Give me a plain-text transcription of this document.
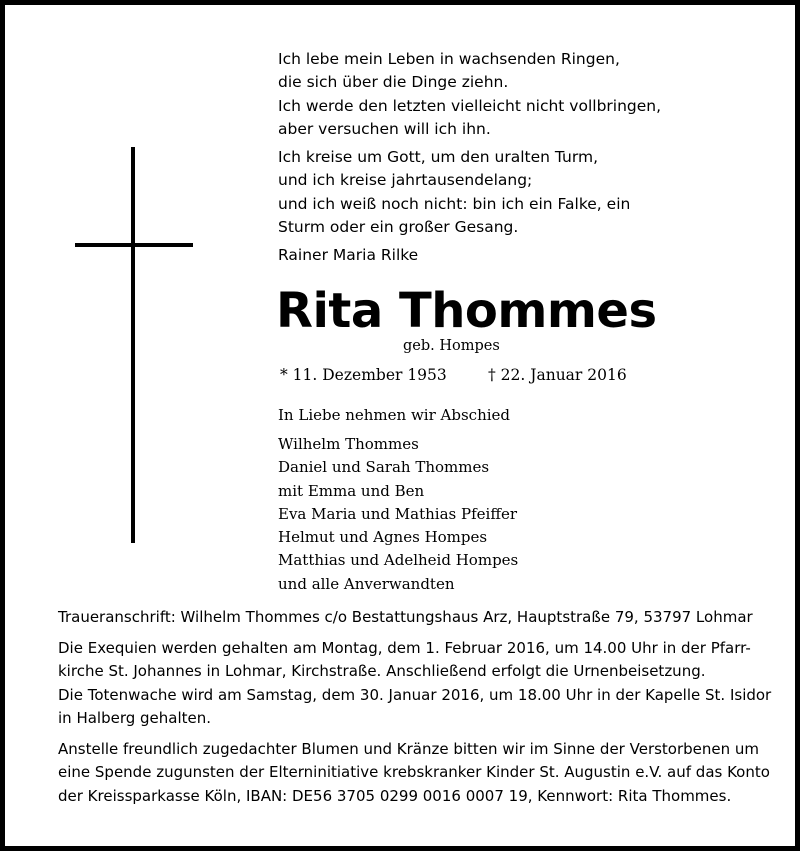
Ich lebe mein Leben in wachsenden Ringen,

die sich über die Dinge ziehn.

Ich werde den letzten vielleicht nicht vollbringen,

aber versuchen will ich ihn.

Ich kreise um Gott, um den uralten Turm,

und ich kreise jahrtausendelang;

und ich weiß noch nicht: bin ich ein Falke, ein

Sturm oder ein großer Gesang.

Rainer Maria Rilke
Rita Thommes
geb. Hompes
* 11. Dezember 1953	† 22. Januar 2016
In Liebe nehmen wir Abschied
Wilhelm Thommes
Daniel und Sarah Thommes
mit Emma und Ben
Eva Maria und Mathias Pfeiffer
Helmut und Agnes Hompes
Matthias und Adelheid Hompes
und alle Anverwandten

Traueranschrift: Wilhelm Thommes c/o Bestattungshaus Arz, Hauptstraße 79, 53797 Lohmar

Die Exequien werden gehalten am Montag, dem 1. Februar 2016, um 14.00 Uhr in der Pfarr-
kirche St. Johannes in Lohmar, Kirchstraße. Anschließend erfolgt die Urnenbeisetzung.

Die Totenwache wird am Samstag, dem 30. Januar 2016, um 18.00 Uhr in der Kapelle St. Isidor
in Halberg gehalten.

Anstelle freundlich zugedachter Blumen und Kränze bitten wir im Sinne der Verstorbenen um
eine Spende zugunsten der Elterninitiative krebskranker Kinder St. Augustin e.V. auf das Konto
der Kreissparkasse Köln, IBAN: DE56 3705 0299 0016 0007 19, Kennwort: Rita Thommes.
